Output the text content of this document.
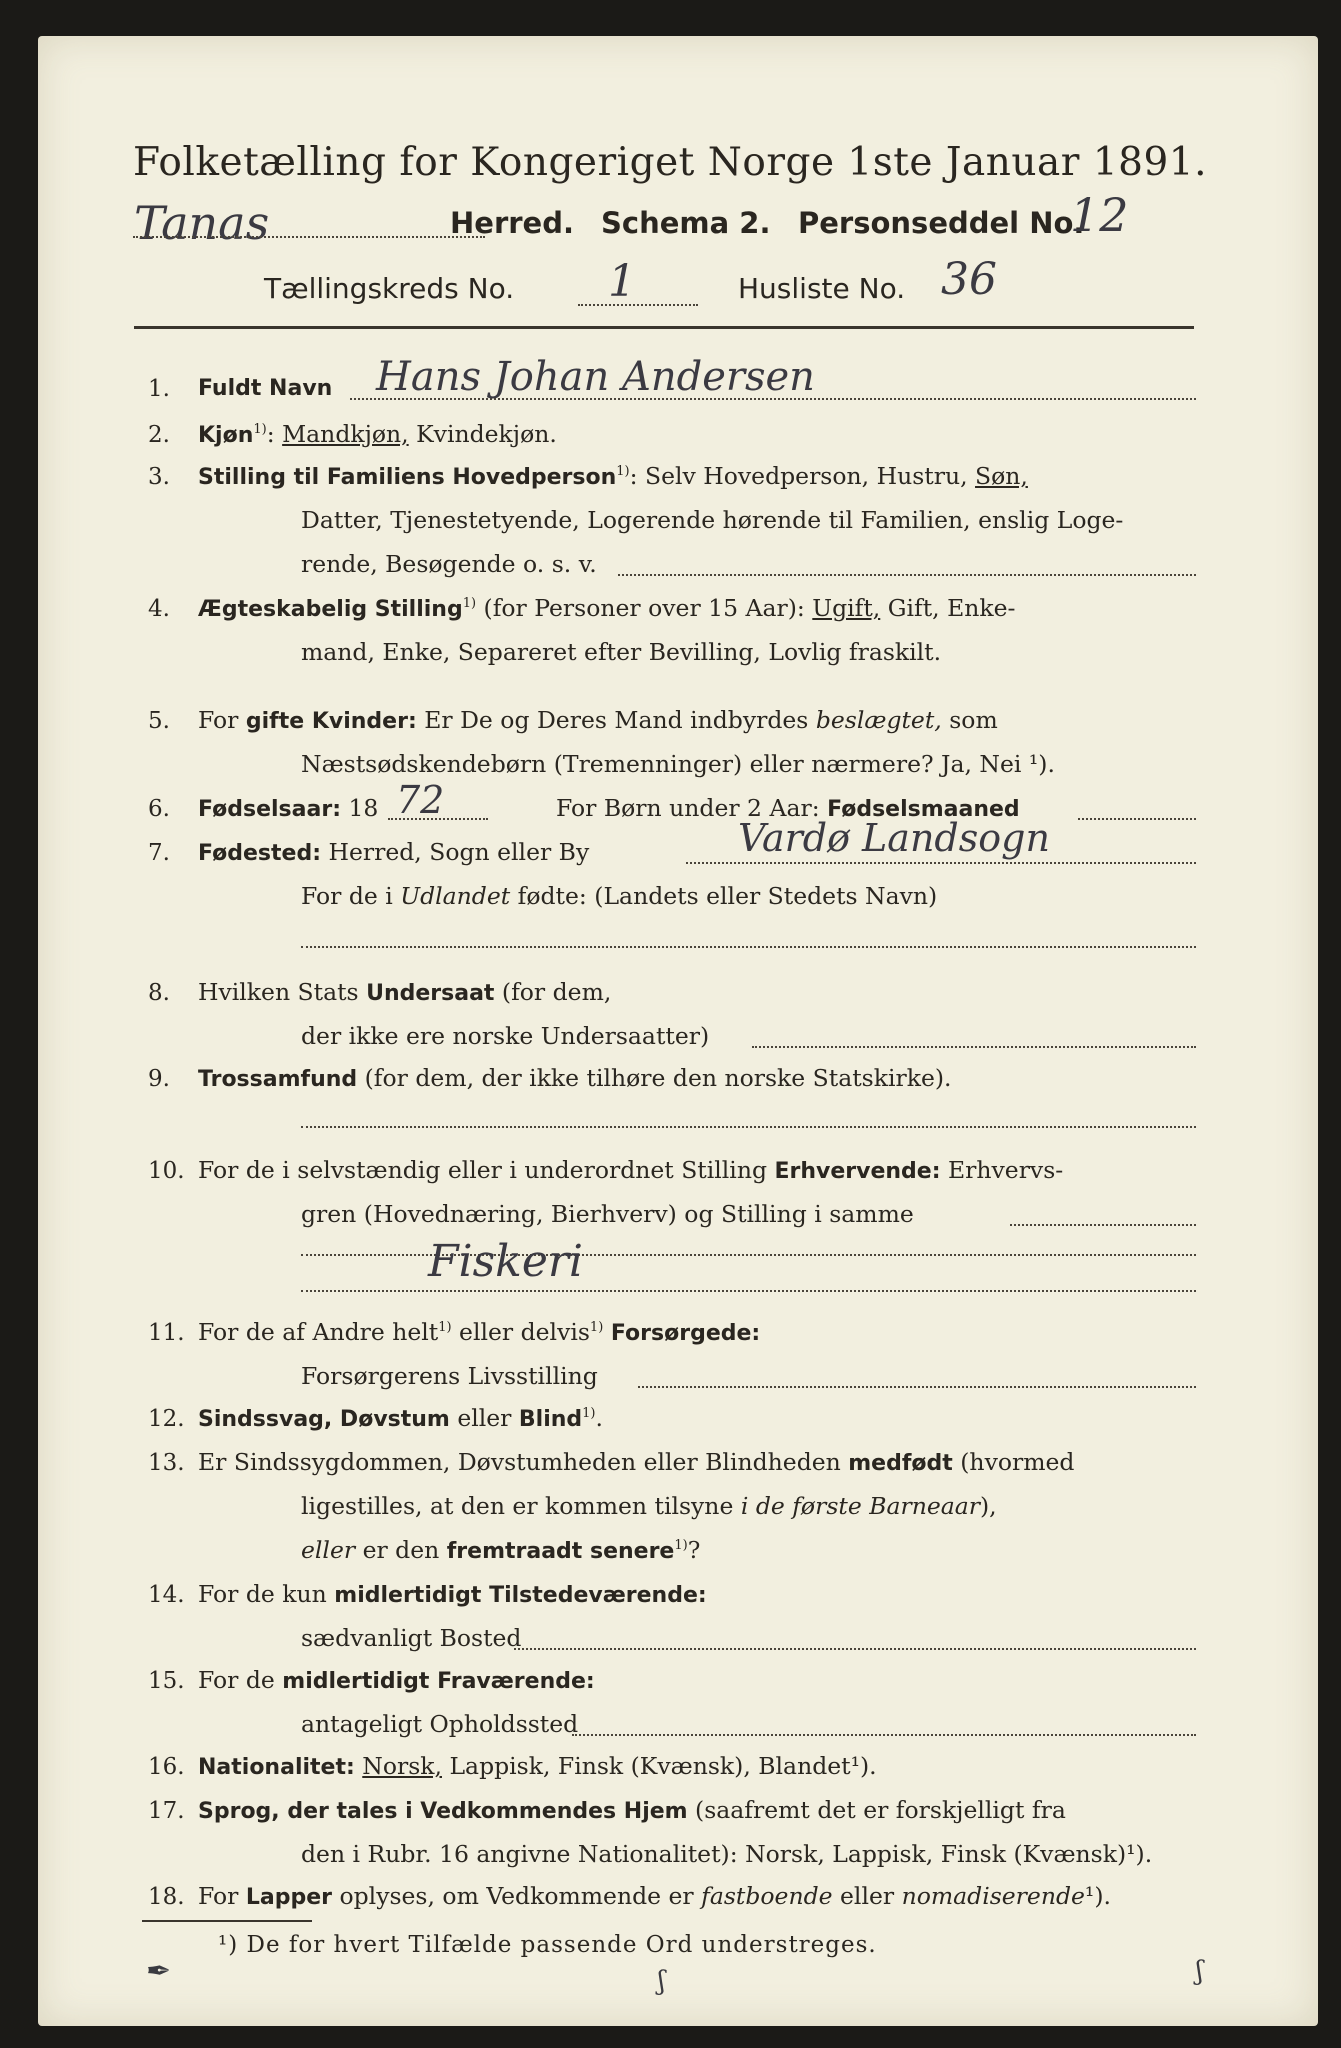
Folketælling for Kongeriget Norge 1ste Januar 1891.
Tanas	Herred. Schema 2. Personseddel No.
12
Tællingskreds No. 1	Husliste No. 36
1. Fuldt Navn Hans Johan Andersen
2. Kjøn$^{1)}$: Mandkjøn, Kvindekjøn.
3. Stilling til Familiens Hovedperson$^{1)}$: Selv Hovedperson, Hustru, Søn,
Datter, Tjenestetyende, Logerende hørende til Familien, enslig Loge-
rende, Besøgende o. s. v.
4. Ægteskabelig Stilling$^{1)}$ (for Personer over 15 Aar): Ugift, Gift, Enke-
mand, Enke, Separeret efter Bevilling, Lovlig fraskilt.
5. For gifte Kvinder: Er De og Deres Mand indbyrdes beslægtet, som
Næstsødskendebørn (Tremenninger) eller nærmere? Ja, Nei ¹).
6. Fødselsaar: 18 72	For Børn under 2 Aar: Fødselsmaaned
7. Fødested: Herred, Sogn eller By	Vardø Landsogn
For de i Udlandet fødte: (Landets eller Stedets Navn)
8. Hvilken Stats Undersaat (for dem,
der ikke ere norske Undersaatter)
9. Trossamfund (for dem, der ikke tilhøre den norske Statskirke).
10. For de i selvstændig eller i underordnet Stilling Erhvervende: Erhvervs-
gren (Hovednæring, Bierhverv) og Stilling i samme
Fiskeri
11. For de af Andre helt$^{1)}$ eller delvis$^{1)}$ Forsørgede:
Forsørgerens Livsstilling
12. Sindssvag, Døvstum eller Blind$^{1)}$.
13. Er Sindssygdommen, Døvstumheden eller Blindheden medfødt (hvormed
ligestilles, at den er kommen tilsyne i de første Barneaar),
eller er den fremtraadt senere$^{1)}$?
14. For de kun midlertidigt Tilstedeværende:
sædvanligt Bosted
15. For de midlertidigt Fraværende:
antageligt Opholdssted
16. Nationalitet: Norsk, Lappisk, Finsk (Kvænsk), Blandet¹).
17. Sprog, der tales i Vedkommendes Hjem (saafremt det er forskjelligt fra
den i Rubr. 16 angivne Nationalitet): Norsk, Lappisk, Finsk (Kvænsk)¹).
18. For Lapper oplyses, om Vedkommende er fastboende eller nomadiserende¹).
¹) De for hvert Tilfælde passende Ord understreges.
✒	ʃ	ʃ
